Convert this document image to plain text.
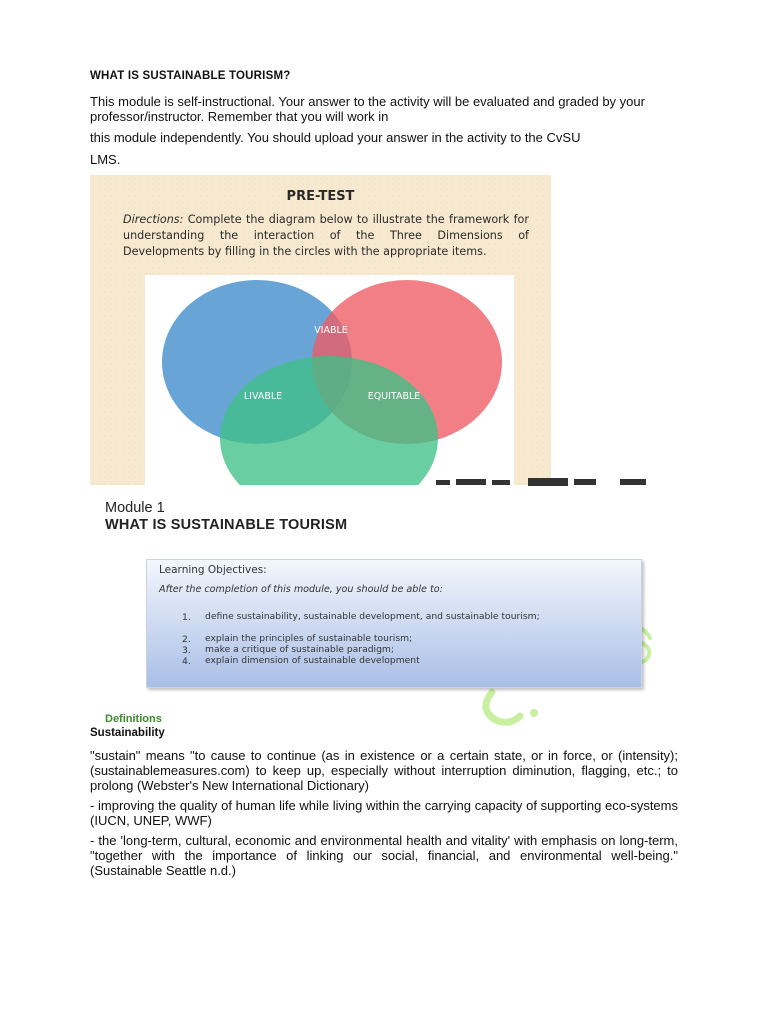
WHAT IS SUSTAINABLE TOURISM?

This module is self-instructional. Your answer to the activity will be evaluated and graded by your professor/instructor. Remember that you will work in

this module independently. You should upload your answer in the activity to the CvSU

LMS.

PRE-TEST
Directions: Complete the diagram below to illustrate the framework for understanding the interaction of the Three Dimensions of Developments by filling in the circles with the appropriate items.
VIABLE
LIVABLE	EQUITABLE
Module 1
WHAT IS SUSTAINABLE TOURISM
Learning Objectives:
After the completion of this module, you should be able to:
1. define sustainability, sustainable development, and sustainable tourism;
2. explain the principles of sustainable tourism;
3. make a critique of sustainable paradigm;
4. explain dimension of sustainable development
Definitions
Sustainability

"sustain" means "to cause to continue (as in existence or a certain state, or in force, or (intensity); (sustainablemeasures.com) to keep up, especially without interruption diminution, flagging, etc.; to prolong (Webster's New International Dictionary)

- improving the quality of human life while living within the carrying capacity of supporting eco-systems (IUCN, UNEP, WWF)

- the 'long-term, cultural, economic and environmental health and vitality' with emphasis on long-term, "together with the importance of linking our social, financial, and environmental well-being." (Sustainable Seattle n.d.)
